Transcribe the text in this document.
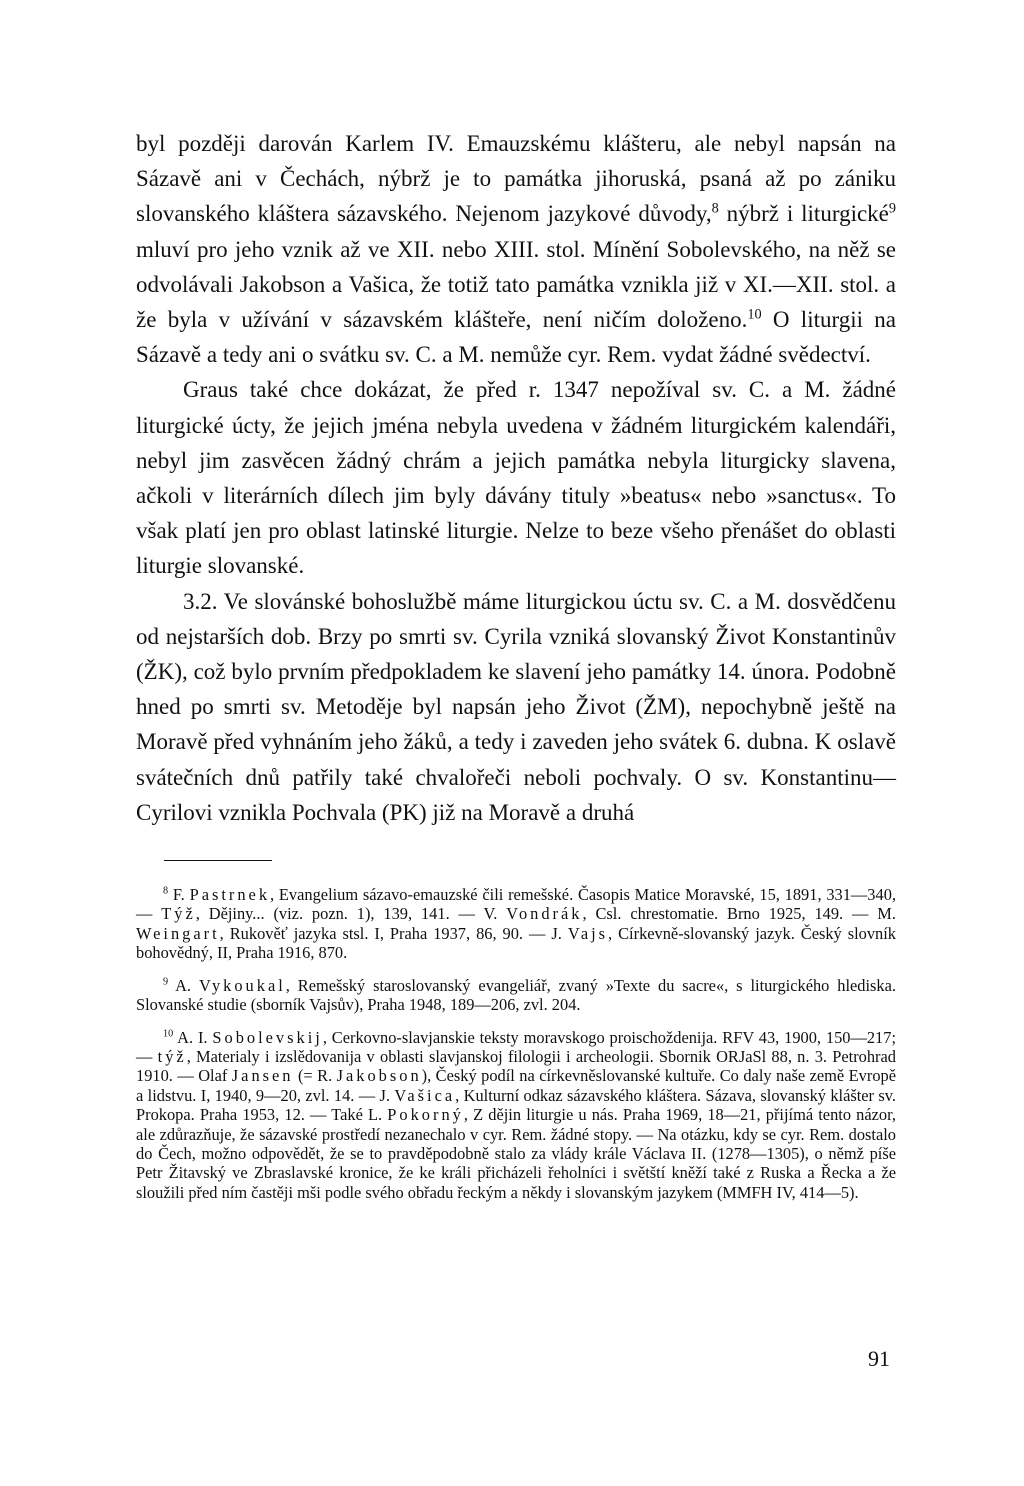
byl později darován Karlem IV. Emauzskému klášteru, ale nebyl napsán na Sázavě ani v Čechách, nýbrž je to památka jihoruská, psaná až po zániku slovanského kláštera sázavského. Nejenom jazykové důvody,$^8$ nýbrž i liturgické$^9$ mluví pro jeho vznik až ve XII. nebo XIII. stol. Mínění Sobolevského, na něž se odvolávali Jakobson a Vašica, že totiž tato památka vznikla již v XI.—XII. stol. a že byla v užívání v sázavském klášteře, není ničím doloženo.$^{10}$ O liturgii na Sázavě a tedy ani o svátku sv. C. a M. nemůže cyr. Rem. vydat žádné svědectví.

Graus také chce dokázat, že před r. 1347 nepožíval sv. C. a M. žádné liturgické úcty, že jejich jména nebyla uvedena v žádném liturgickém kalendáři, nebyl jim zasvěcen žádný chrám a jejich památka nebyla liturgicky slavena, ačkoli v literárních dílech jim byly dávány tituly »beatus« nebo »sanctus«. To však platí jen pro oblast latinské liturgie. Nelze to beze všeho přenášet do oblasti liturgie slovanské.

3.2. Ve slovánské bohoslužbě máme liturgickou úctu sv. C. a M. dosvědčenu od nejstarších dob. Brzy po smrti sv. Cyrila vzniká slovanský Život Konstantinův (ŽK), což bylo prvním předpokladem ke slavení jeho památky 14. února. Podobně hned po smrti sv. Metoděje byl napsán jeho Život (ŽM), nepochybně ještě na Moravě před vyhnáním jeho žáků, a tedy i zaveden jeho svátek 6. dubna. K oslavě svátečních dnů patřily také chvalořeči neboli pochvaly. O sv. Konstantinu—Cyrilovi vznikla Pochvala (PK) již na Moravě a druhá

$^8$ F. Pastrnek, Evangelium sázavo-emauzské čili remešské. Časopis Matice Moravské, 15, 1891, 331—340, — Týž, Dějiny... (viz. pozn. 1), 139, 141. — V. Vondrák, Csl. chrestomatie. Brno 1925, 149. — M. Weingart, Rukověť jazyka stsl. I, Praha 1937, 86, 90. — J. Vajs, Církevně-slovanský jazyk. Český slovník bohovědný, II, Praha 1916, 870.

$^9$ A. Vykoukal, Remešský staroslovanský evangeliář, zvaný »Texte du sacre«, s liturgického hlediska. Slovanské studie (sborník Vajsův), Praha 1948, 189—206, zvl. 204.

$^{10}$ A. I. Sobolevskij, Cerkovno-slavjanskie teksty moravskogo proischoždenija. RFV 43, 1900, 150—217; — týž, Materialy i izslědovanija v oblasti slavjanskoj filologii i archeologii. Sbornik ORJaSl 88, n. 3. Petrohrad 1910. — Olaf Jansen (= R. Jakobson), Český podíl na církevněslovanské kultuře. Co daly naše země Evropě a lidstvu. I, 1940, 9—20, zvl. 14. — J. Vašica, Kulturní odkaz sázavského kláštera. Sázava, slovanský klášter sv. Prokopa. Praha 1953, 12. — Také L. Pokorný, Z dějin liturgie u nás. Praha 1969, 18—21, přijímá tento názor, ale zdůrazňuje, že sázavské prostředí nezanechalo v cyr. Rem. žádné stopy. — Na otázku, kdy se cyr. Rem. dostalo do Čech, možno odpovědět, že se to pravděpodobně stalo za vlády krále Václava II. (1278—1305), o němž píše Petr Žitavský ve Zbraslavské kronice, že ke králi přicházeli řeholníci i světští kněží také z Ruska a Řecka a že sloužili před ním častěji mši podle svého obřadu řeckým a někdy i slovanským jazykem (MMFH IV, 414—5).

91
